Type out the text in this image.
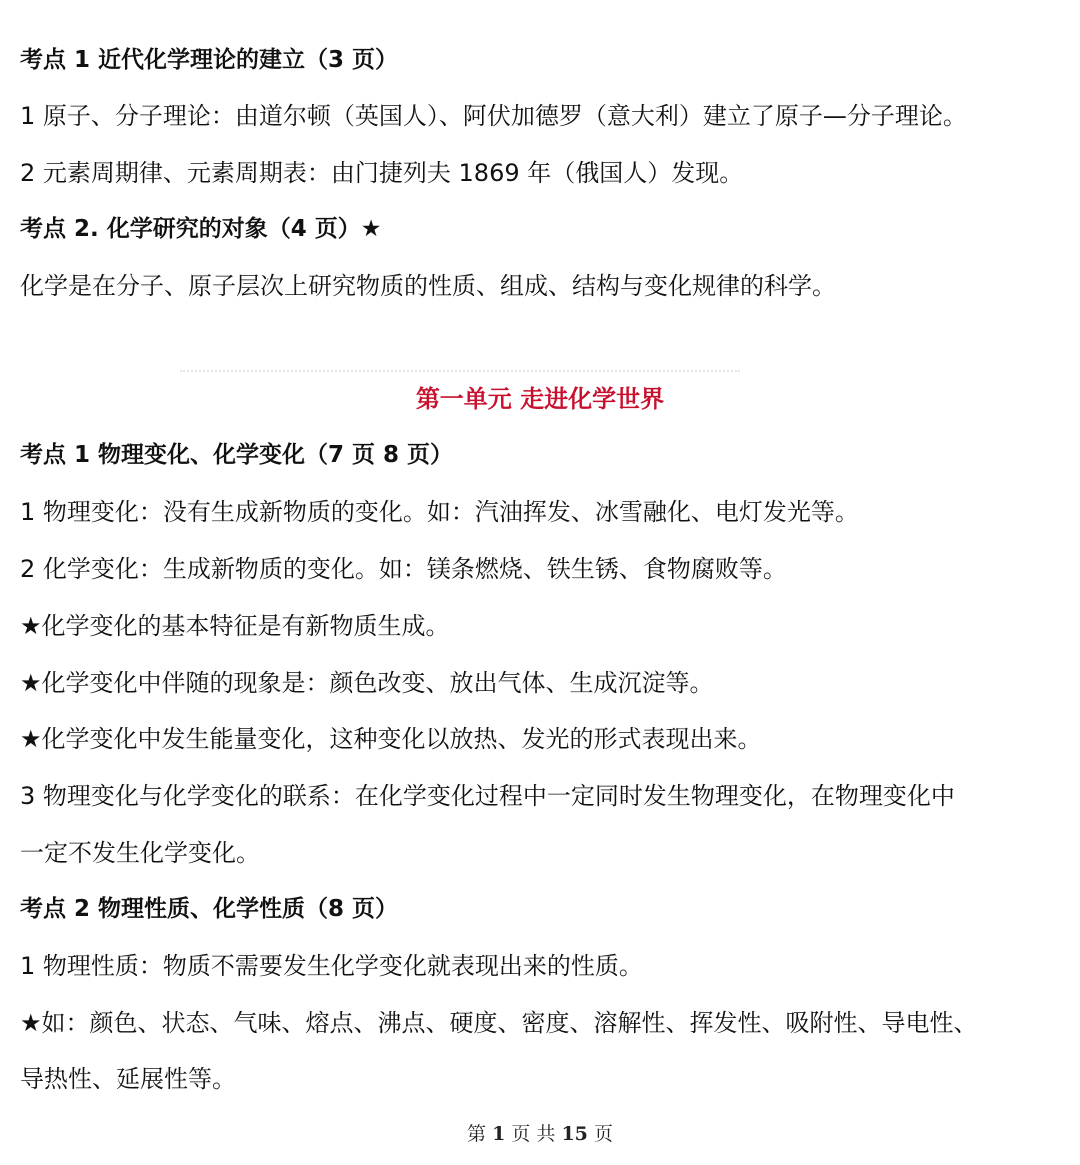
考点 1 近代化学理论的建立（3 页）
1 原子、分子理论：由道尔顿（英国人）、阿伏加德罗（意大利）建立了原子—分子理论。
2 元素周期律、元素周期表：由门捷列夫 1869 年（俄国人）发现。
考点 2. 化学研究的对象（4 页）★
化学是在分子、原子层次上研究物质的性质、组成、结构与变化规律的科学。
第一单元 走进化学世界
考点 1 物理变化、化学变化（7 页 8 页）
1 物理变化：没有生成新物质的变化。如：汽油挥发、冰雪融化、电灯发光等。
2 化学变化：生成新物质的变化。如：镁条燃烧、铁生锈、食物腐败等。
★化学变化的基本特征是有新物质生成。
★化学变化中伴随的现象是：颜色改变、放出气体、生成沉淀等。
★化学变化中发生能量变化，这种变化以放热、发光的形式表现出来。
3 物理变化与化学变化的联系：在化学变化过程中一定同时发生物理变化，在物理变化中
一定不发生化学变化。
考点 2 物理性质、化学性质（8 页）
1 物理性质：物质不需要发生化学变化就表现出来的性质。
★如：颜色、状态、气味、熔点、沸点、硬度、密度、溶解性、挥发性、吸附性、导电性、
导热性、延展性等。
第 1 页 共 15 页
